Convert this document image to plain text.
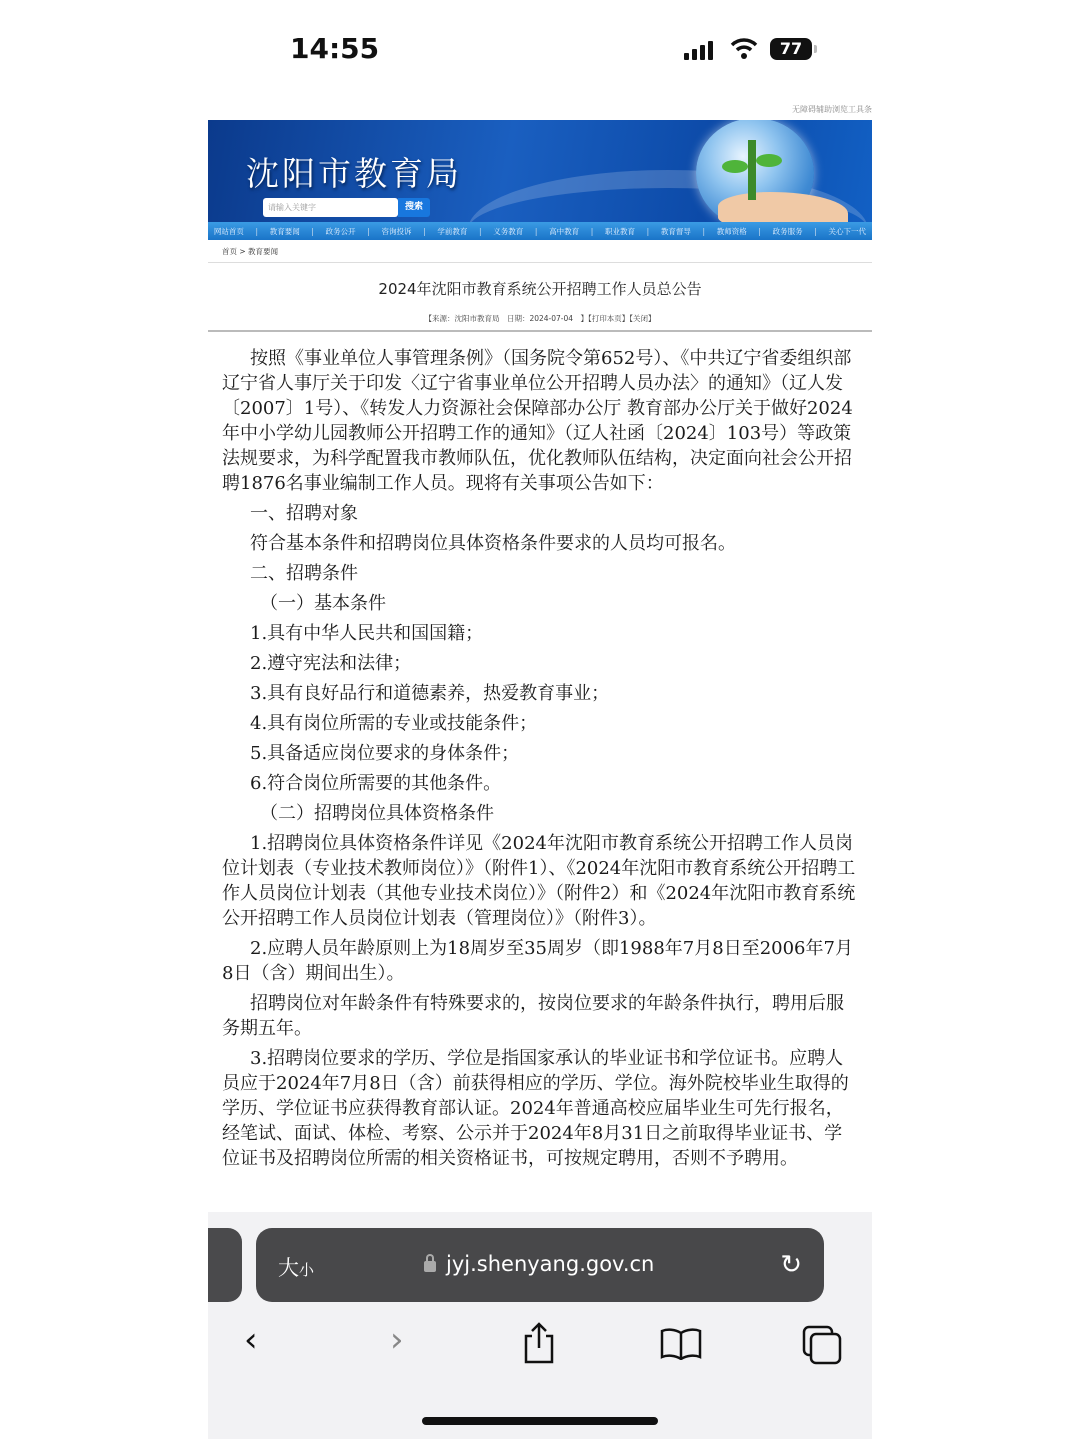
14:55	77
无障碍辅助浏览工具条
沈阳市教育局
请输入关键字	搜索
网站首页 | 教育要闻 | 政务公开 | 咨询投诉 | 学前教育 | 义务教育 | 高中教育 | 职业教育 | 教育督导 | 教师资格 | 政务服务 | 关心下一代
首页 > 教育要闻
2024年沈阳市教育系统公开招聘工作人员总公告
【来源：沈阳市教育局　日期：2024-07-04　】【打印本页】【关闭】

按照《事业单位人事管理条例》（国务院令第652号）、《中共辽宁省委组织部 辽宁省人事厅关于印发〈辽宁省事业单位公开招聘人员办法〉的通知》（辽人发〔2007〕1号）、《转发人力资源社会保障部办公厅 教育部办公厅关于做好2024年中小学幼儿园教师公开招聘工作的通知》（辽人社函〔2024〕103号）等政策法规要求，为科学配置我市教师队伍，优化教师队伍结构，决定面向社会公开招聘1876名事业编制工作人员。现将有关事项公告如下：

一、招聘对象

符合基本条件和招聘岗位具体资格条件要求的人员均可报名。

二、招聘条件

（一）基本条件

1.具有中华人民共和国国籍；

2.遵守宪法和法律；

3.具有良好品行和道德素养，热爱教育事业；

4.具有岗位所需的专业或技能条件；

5.具备适应岗位要求的身体条件；

6.符合岗位所需要的其他条件。

（二）招聘岗位具体资格条件

1.招聘岗位具体资格条件详见《2024年沈阳市教育系统公开招聘工作人员岗位计划表（专业技术教师岗位）》（附件1）、《2024年沈阳市教育系统公开招聘工作人员岗位计划表（其他专业技术岗位）》（附件2）和《2024年沈阳市教育系统公开招聘工作人员岗位计划表（管理岗位）》（附件3）。

2.应聘人员年龄原则上为18周岁至35周岁（即1988年7月8日至2006年7月8日（含）期间出生）。

招聘岗位对年龄条件有特殊要求的，按岗位要求的年龄条件执行，聘用后服务期五年。

3.招聘岗位要求的学历、学位是指国家承认的毕业证书和学位证书。应聘人员应于2024年7月8日（含）前获得相应的学历、学位。海外院校毕业生取得的学历、学位证书应获得教育部认证。2024年普通高校应届毕业生可先行报名，经笔试、面试、体检、考察、公示并于2024年8月31日之前取得毕业证书、学位证书及招聘岗位所需的相关资格证书，可按规定聘用，否则不予聘用。

大小	jyj.shenyang.gov.cn	↻
‹	›
